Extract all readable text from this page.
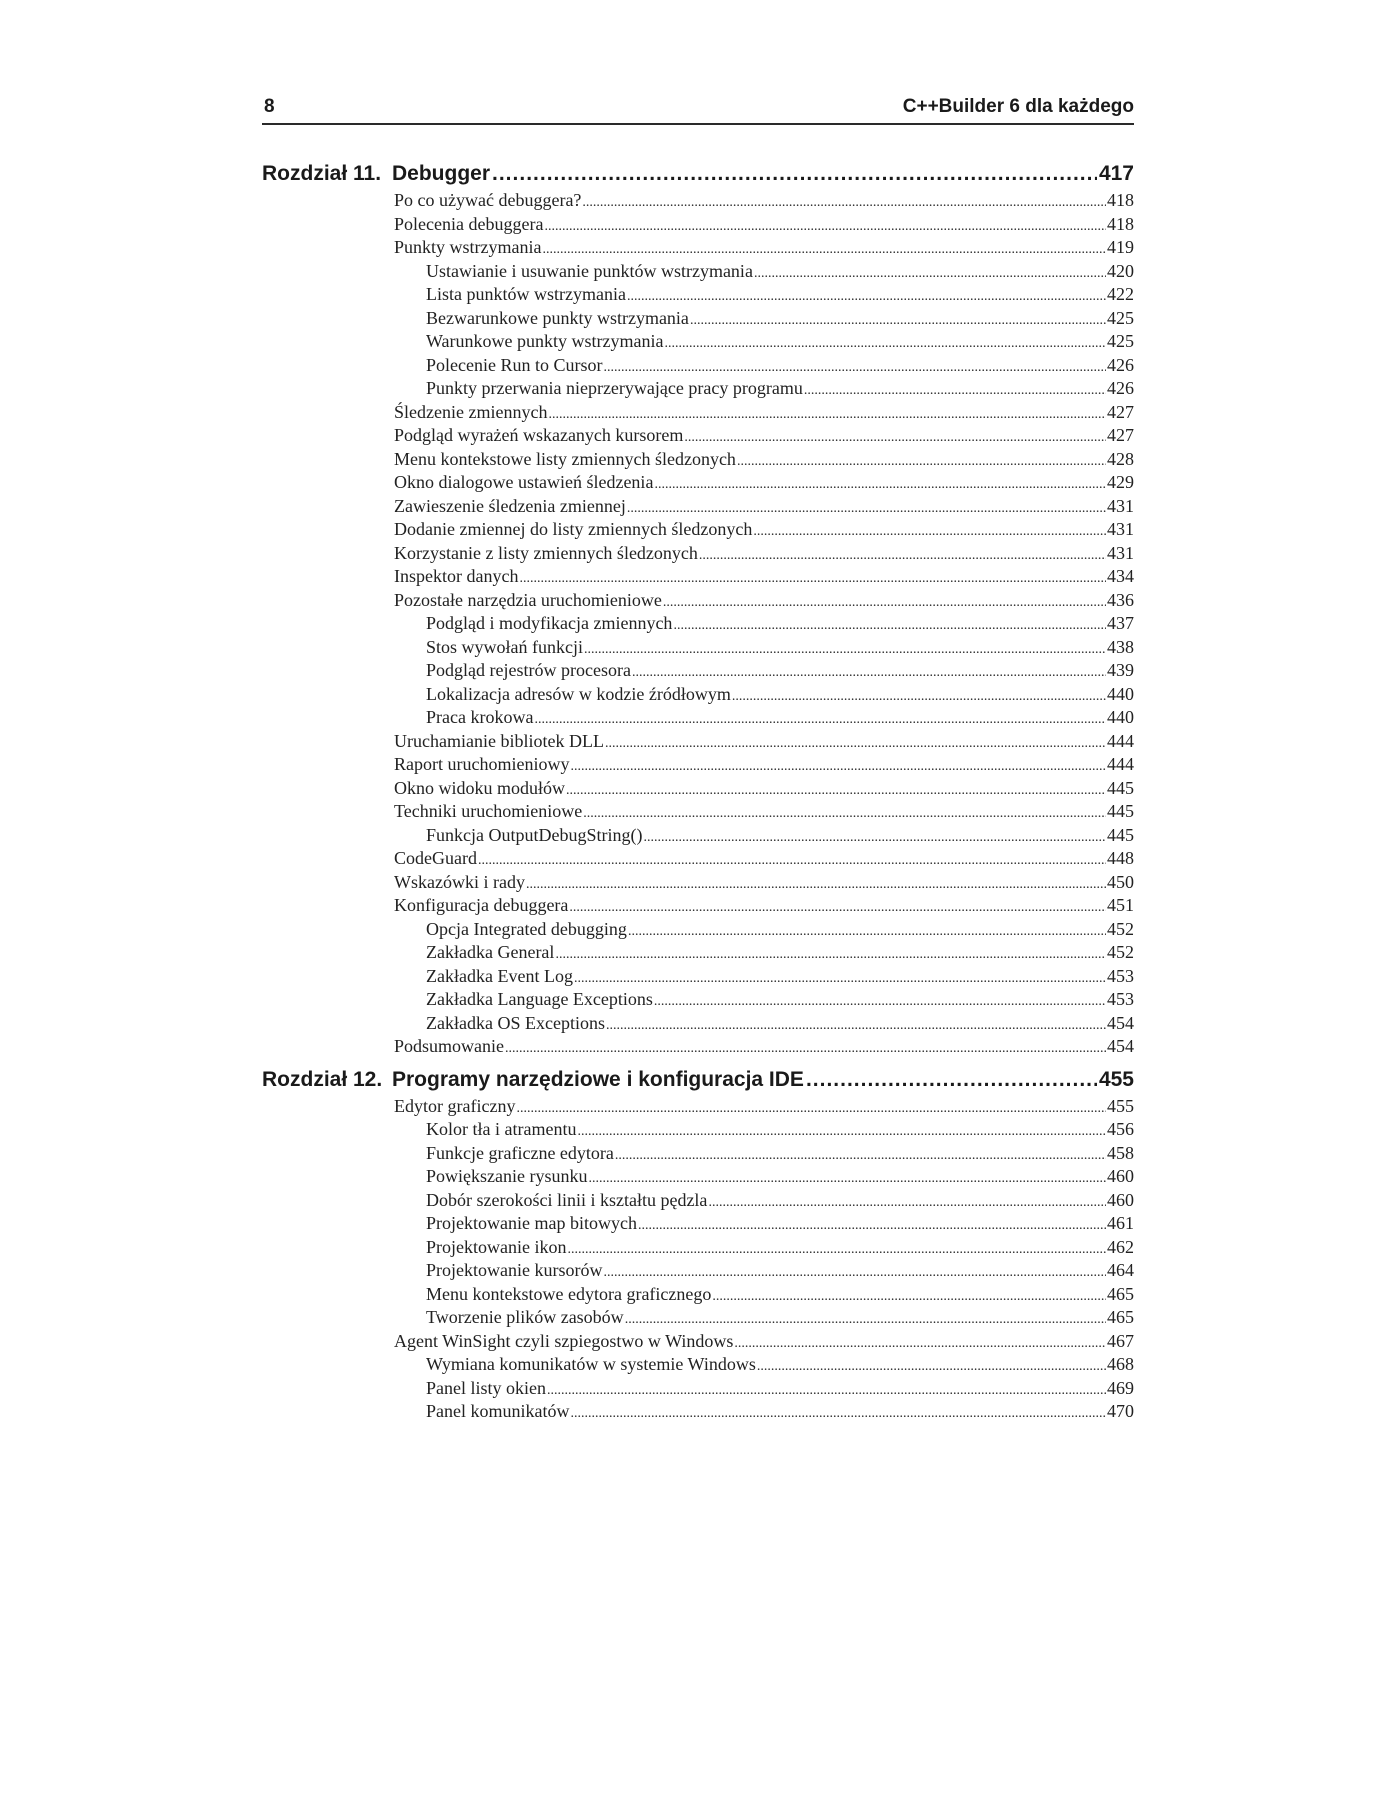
8	C++Builder 6 dla każdego
Rozdział 11. Debugger .....	417
Po co używać debuggera? .....	418
Polecenia debuggera .....	418
Punkty wstrzymania .....	419
Ustawianie i usuwanie punktów wstrzymania .....	420
Lista punktów wstrzymania .....	422
Bezwarunkowe punkty wstrzymania .....	425
Warunkowe punkty wstrzymania .....	425
Polecenie Run to Cursor .....	426
Punkty przerwania nieprzerywające pracy programu .....	426
Śledzenie zmiennych .....	427
Podgląd wyrażeń wskazanych kursorem .....	427
Menu kontekstowe listy zmiennych śledzonych .....	428
Okno dialogowe ustawień śledzenia .....	429
Zawieszenie śledzenia zmiennej .....	431
Dodanie zmiennej do listy zmiennych śledzonych .....	431
Korzystanie z listy zmiennych śledzonych .....	431
Inspektor danych .....	434
Pozostałe narzędzia uruchomieniowe .....	436
Podgląd i modyfikacja zmiennych .....	437
Stos wywołań funkcji .....	438
Podgląd rejestrów procesora .....	439
Lokalizacja adresów w kodzie źródłowym .....	440
Praca krokowa .....	440
Uruchamianie bibliotek DLL .....	444
Raport uruchomieniowy .....	444
Okno widoku modułów .....	445
Techniki uruchomieniowe .....	445
Funkcja OutputDebugString() .....	445
CodeGuard .....	448
Wskazówki i rady .....	450
Konfiguracja debuggera .....	451
Opcja Integrated debugging .....	452
Zakładka General .....	452
Zakładka Event Log .....	453
Zakładka Language Exceptions .....	453
Zakładka OS Exceptions .....	454
Podsumowanie .....	454
Rozdział 12. Programy narzędziowe i konfiguracja IDE .....	455
Edytor graficzny .....	455
Kolor tła i atramentu .....	456
Funkcje graficzne edytora .....	458
Powiększanie rysunku .....	460
Dobór szerokości linii i kształtu pędzla .....	460
Projektowanie map bitowych .....	461
Projektowanie ikon .....	462
Projektowanie kursorów .....	464
Menu kontekstowe edytora graficznego .....	465
Tworzenie plików zasobów .....	465
Agent WinSight czyli szpiegostwo w Windows .....	467
Wymiana komunikatów w systemie Windows .....	468
Panel listy okien .....	469
Panel komunikatów .....	470
